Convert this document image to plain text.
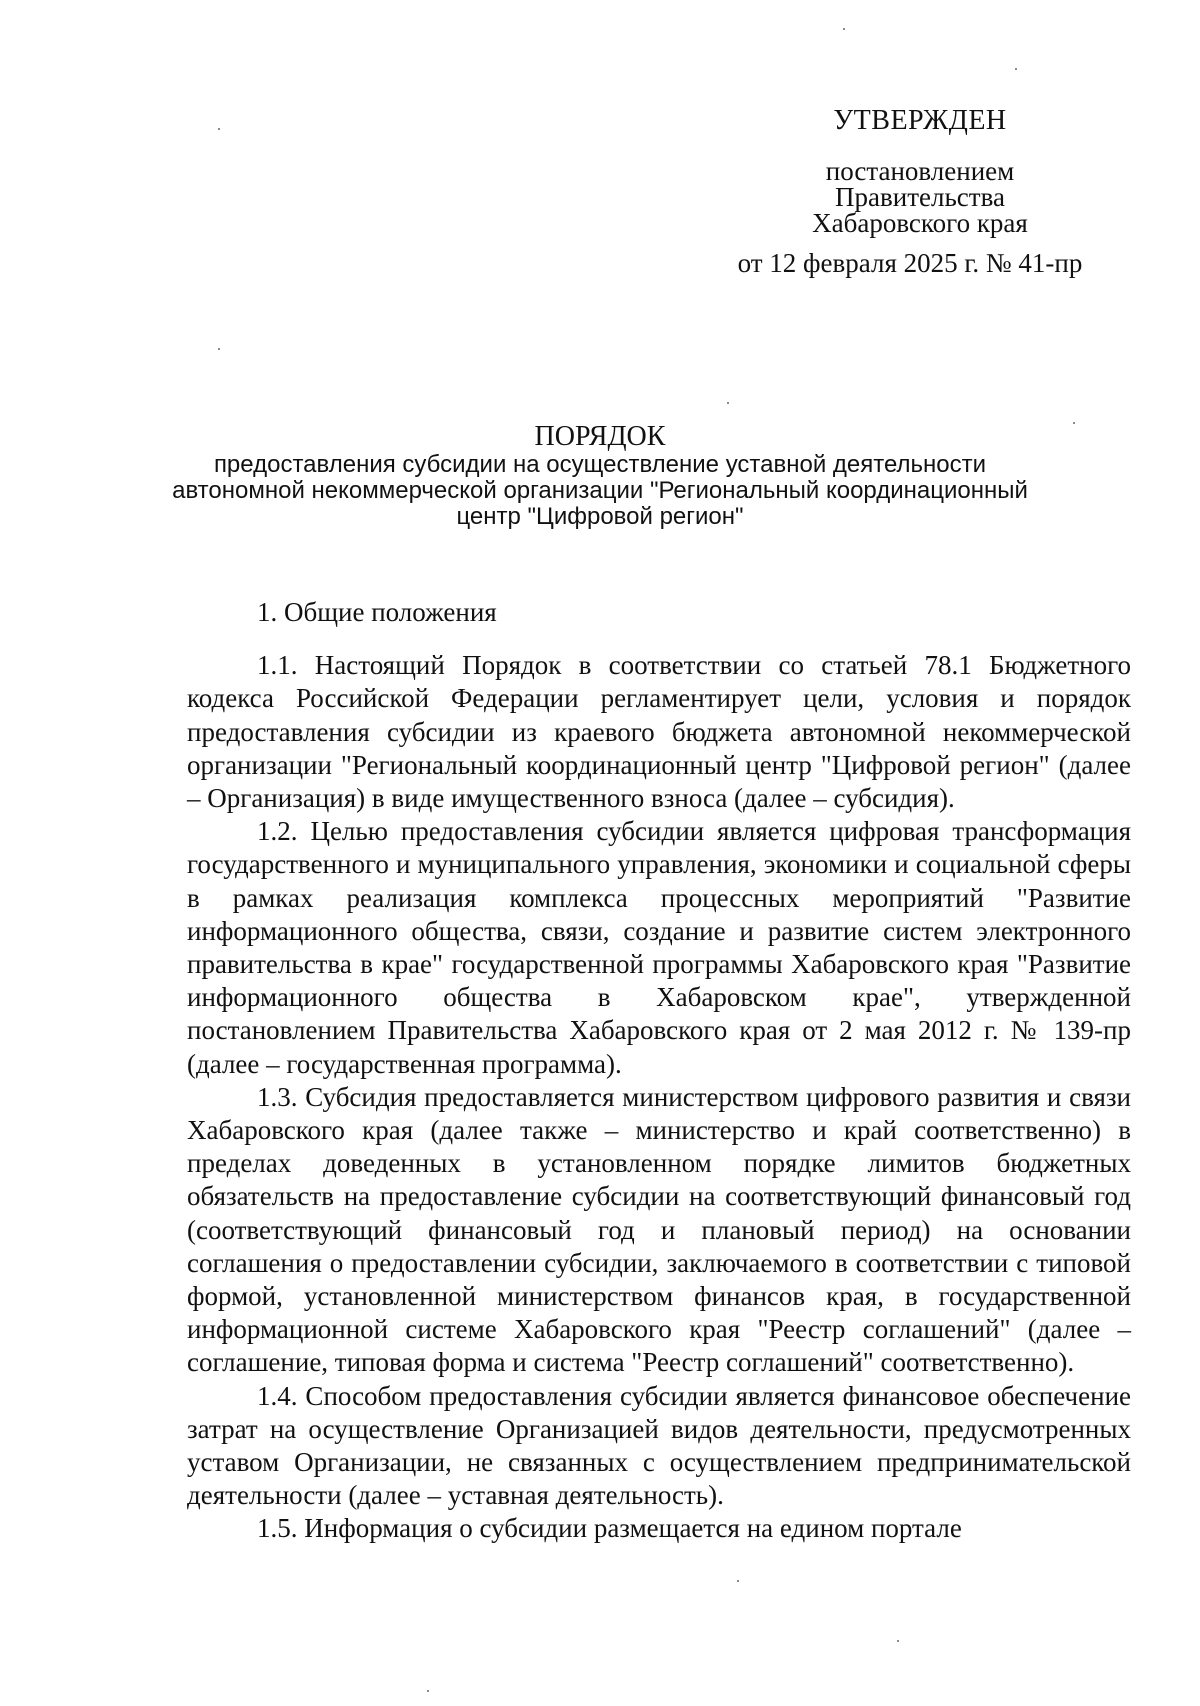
УТВЕРЖДЕН
постановлением
Правительства
Хабаровского края
от 12 февраля 2025 г. № 41-пр
ПОРЯДОК
предоставления субсидии на осуществление уставной деятельности
автономной некоммерческой организации "Региональный координационный
центр "Цифровой регион"
1. Общие положения

1.1. Настоящий Порядок в соответствии со статьей 78.1 Бюджетного кодекса Российской Федерации регламентирует цели, условия и порядок предоставления субсидии из краевого бюджета автономной некоммерческой организации "Региональный координационный центр "Цифровой регион" (далее – Организация) в виде имущественного взноса (далее – субсидия).

1.2. Целью предоставления субсидии является цифровая трансформация государственного и муниципального управления, экономики и социальной сферы в рамках реализация комплекса процессных мероприятий "Развитие информационного общества, связи, создание и развитие систем электронного правительства в крае" государственной программы Хабаровского края "Развитие информационного общества в Хабаровском крае", утвержденной постановлением Правительства Хабаровского края от 2 мая 2012 г. № 139-пр (далее – государственная программа).

1.3. Субсидия предоставляется министерством цифрового развития и связи Хабаровского края (далее также – министерство и край соответственно) в пределах доведенных в установленном порядке лимитов бюджетных обязательств на предоставление субсидии на соответствующий финансовый год (соответствующий финансовый год и плановый период) на основании соглашения о предоставлении субсидии, заключаемого в соответствии с типовой формой, установленной министерством финансов края, в государственной информационной системе Хабаровского края "Реестр соглашений" (далее – соглашение, типовая форма и система "Реестр соглашений" соответственно).

1.4. Способом предоставления субсидии является финансовое обеспечение затрат на осуществление Организацией видов деятельности, предусмотренных уставом Организации, не связанных с осуществлением предпринимательской деятельности (далее – уставная деятельность).

1.5. Информация о субсидии размещается на едином портале
